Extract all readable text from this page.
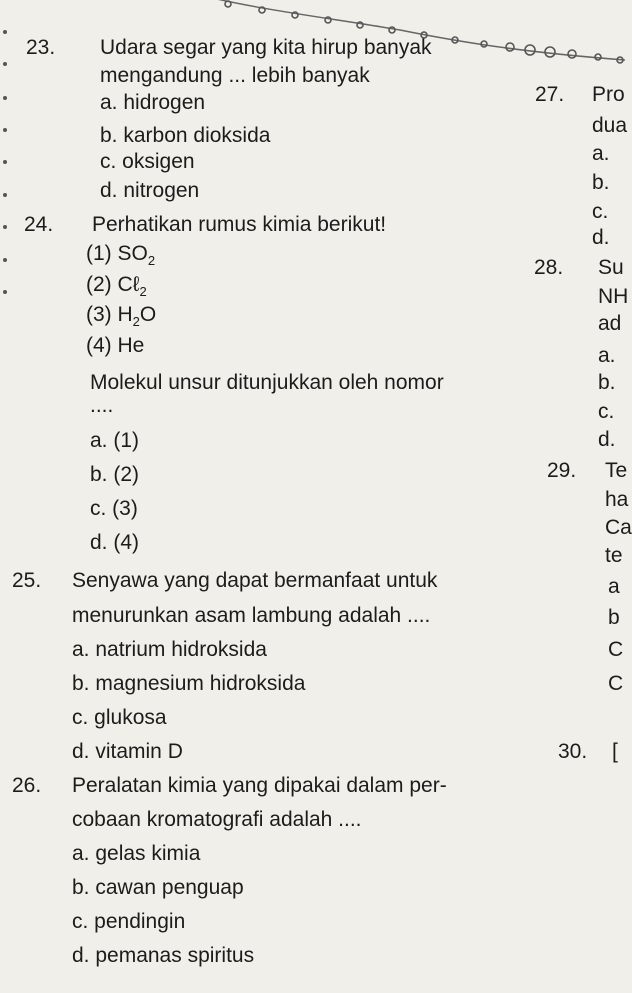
23. Udara segar yang kita hirup banyak
mengandung ... lebih banyak
a. hidrogen
b. karbon dioksida
c. oksigen
d. nitrogen
24. Perhatikan rumus kimia berikut!
(1) $SO_2$
(2) Cℓ$_2$
(3) $H_2O$
(4) He
Molekul unsur ditunjukkan oleh nomor
....
a. (1)
b. (2)
c. (3)
d. (4)
25. Senyawa yang dapat bermanfaat untuk
menurunkan asam lambung adalah ....
a. natrium hidroksida
b. magnesium hidroksida
c. glukosa
d. vitamin D
26. Peralatan kimia yang dipakai dalam per-
cobaan kromatografi adalah ....
a. gelas kimia
b. cawan penguap
c. pendingin
d. pemanas spiritus
27. Pro
dua
a.
b.
c.
d.
28. Su
NH
ad
a.
b.
c.
d.
29. Te
ha
Ca
te
a
b
C
C
30. [
